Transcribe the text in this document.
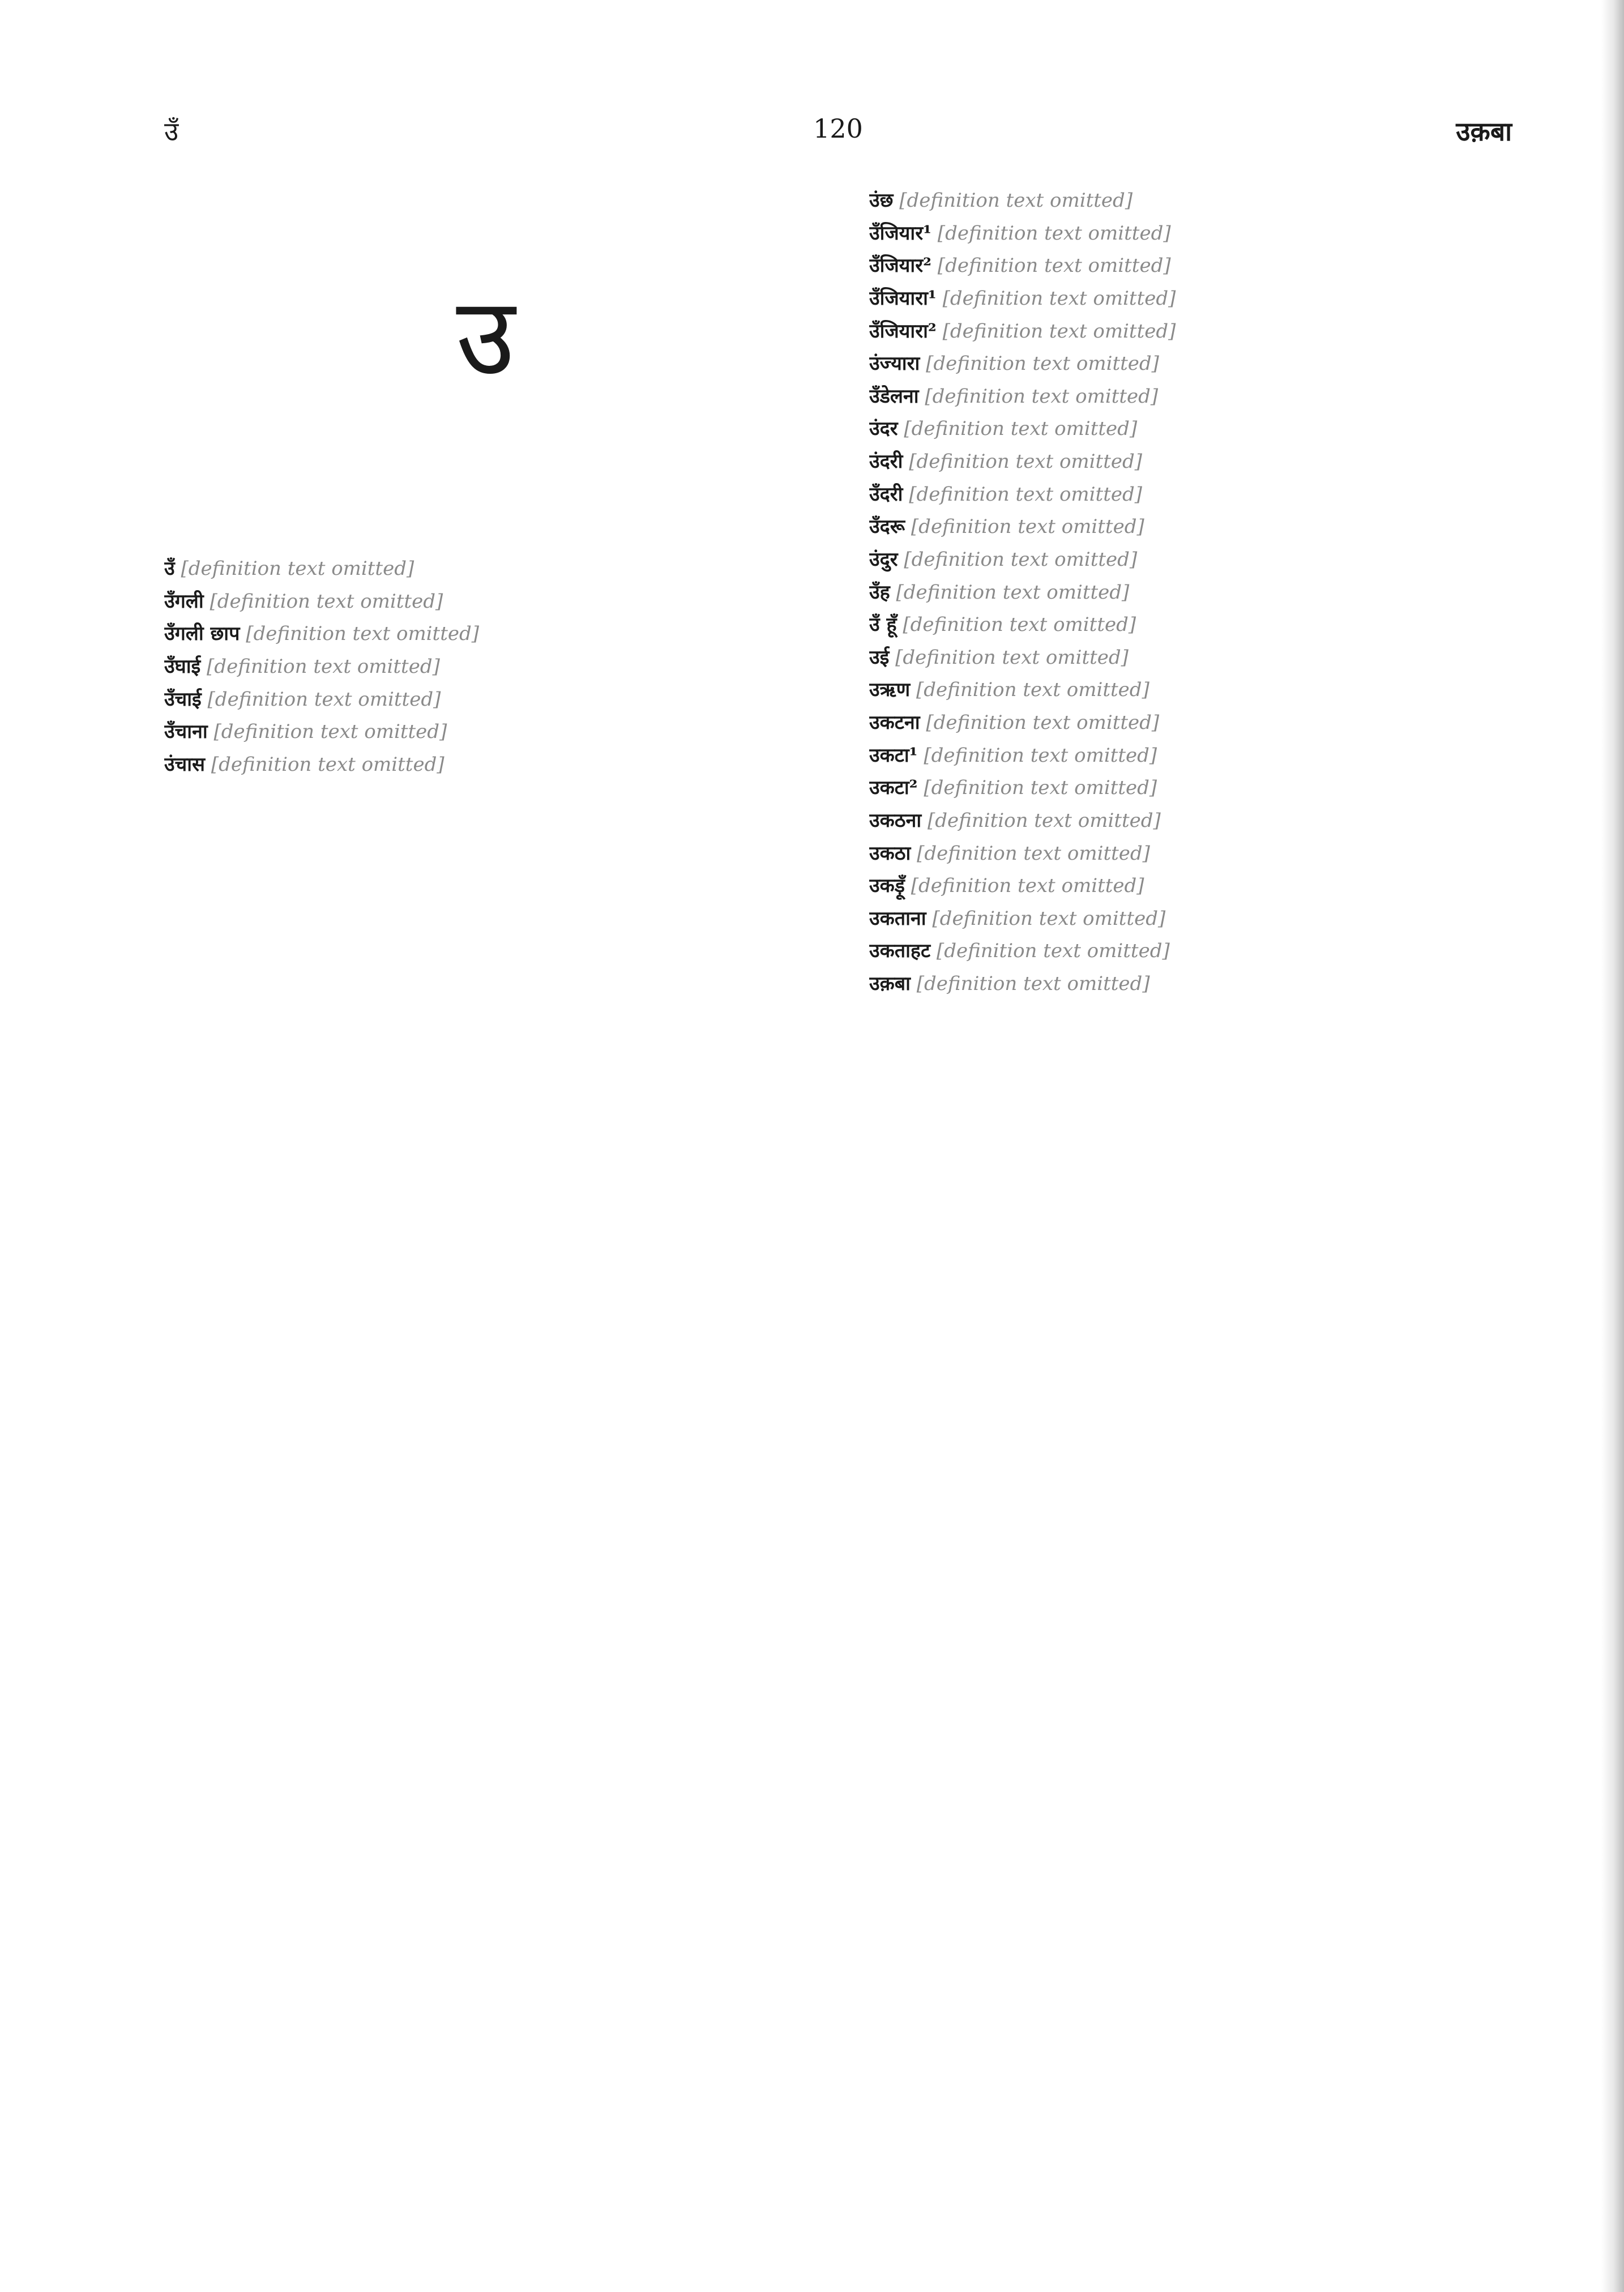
उँ	120	उक़बा
उ

उँ [definition text omitted]

उँगली [definition text omitted]

उँगली छाप [definition text omitted]

उँघाई [definition text omitted]

उँचाई [definition text omitted]

उँचाना [definition text omitted]

उंचास [definition text omitted]

उंछ [definition text omitted]

उँजियार¹ [definition text omitted]

उँजियार² [definition text omitted]

उँजियारा¹ [definition text omitted]

उँजियारा² [definition text omitted]

उंज्यारा [definition text omitted]

उँडेलना [definition text omitted]

उंदर [definition text omitted]

उंदरी [definition text omitted]

उँदरी [definition text omitted]

उँदरू [definition text omitted]

उंदुर [definition text omitted]

उँह [definition text omitted]

उँ हूँ [definition text omitted]

उई [definition text omitted]

उऋण [definition text omitted]

उकटना [definition text omitted]

उकटा¹ [definition text omitted]

उकटा² [definition text omitted]

उकठना [definition text omitted]

उकठा [definition text omitted]

उकड़ूँ [definition text omitted]

उकताना [definition text omitted]

उकताहट [definition text omitted]

उक़बा [definition text omitted]
